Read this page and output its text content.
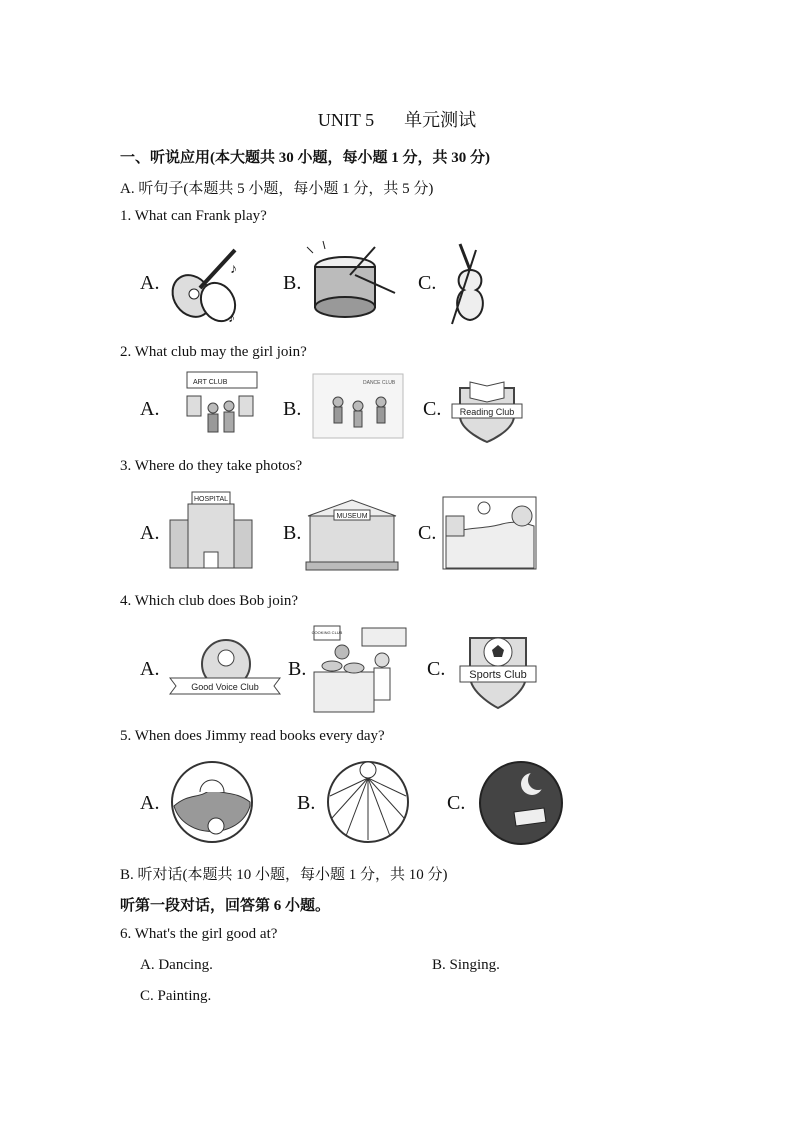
UNIT 5 单元测试
一、听说应用(本大题共 30 小题，每小题 1 分，共 30 分)
A. 听句子(本题共 5 小题，每小题 1 分，共 5 分)
1. What can Frank play?
A.	B.	C.
♪
♪
2. What club may the girl join?
A.	B.	C.
ART CLUB	DANCE CLUB
Reading Club
3. Where do they take photos?
A.	B.	C.
HOSPITAL
MUSEUM
4. Which club does Bob join?
A.	B.	C.
Good Voice Club
COOKING CLUB
Sports Club
5. When does Jimmy read books every day?
A.	B.	C.
B. 听对话(本题共 10 小题，每小题 1 分，共 10 分)
听第一段对话，回答第 6 小题。
6. What's the girl good at?
A. Dancing.	B. Singing.
C. Painting.
